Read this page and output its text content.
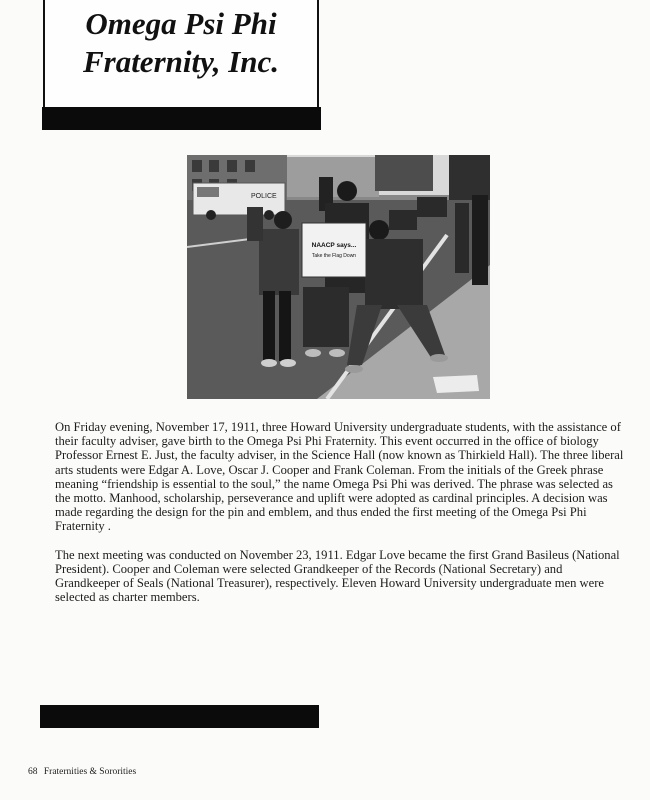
Omega Psi Phi
Fraternity, Inc.
POLICE
NAACP says...
Take the Flag Down

On Friday evening, November 17, 1911, three Howard University undergraduate students, with the assistance of their faculty adviser, gave birth to the Omega Psi Phi Fraternity. This event occurred in the office of biology Professor Ernest E. Just, the faculty adviser, in the Science Hall (now known as Thirkield Hall). The three liberal arts students were Edgar A. Love, Oscar J. Cooper and Frank Coleman. From the initials of the Greek phrase meaning “friendship is essential to the soul,” the name Omega Psi Phi was derived. The phrase was selected as the motto. Manhood, scholarship, perseverance and uplift were adopted as cardinal principles. A decision was made regarding the design for the pin and emblem, and thus ended the first meeting of the Omega Psi Phi Fraternity .

The next meeting was conducted on November 23, 1911. Edgar Love became the first Grand Basileus (National President). Cooper and Coleman were selected Grandkeeper of the Records (National Secretary) and Grandkeeper of Seals (National Treasurer), respectively. Eleven Howard University undergraduate men were selected as charter members.

68 Fraternities & Sororities
